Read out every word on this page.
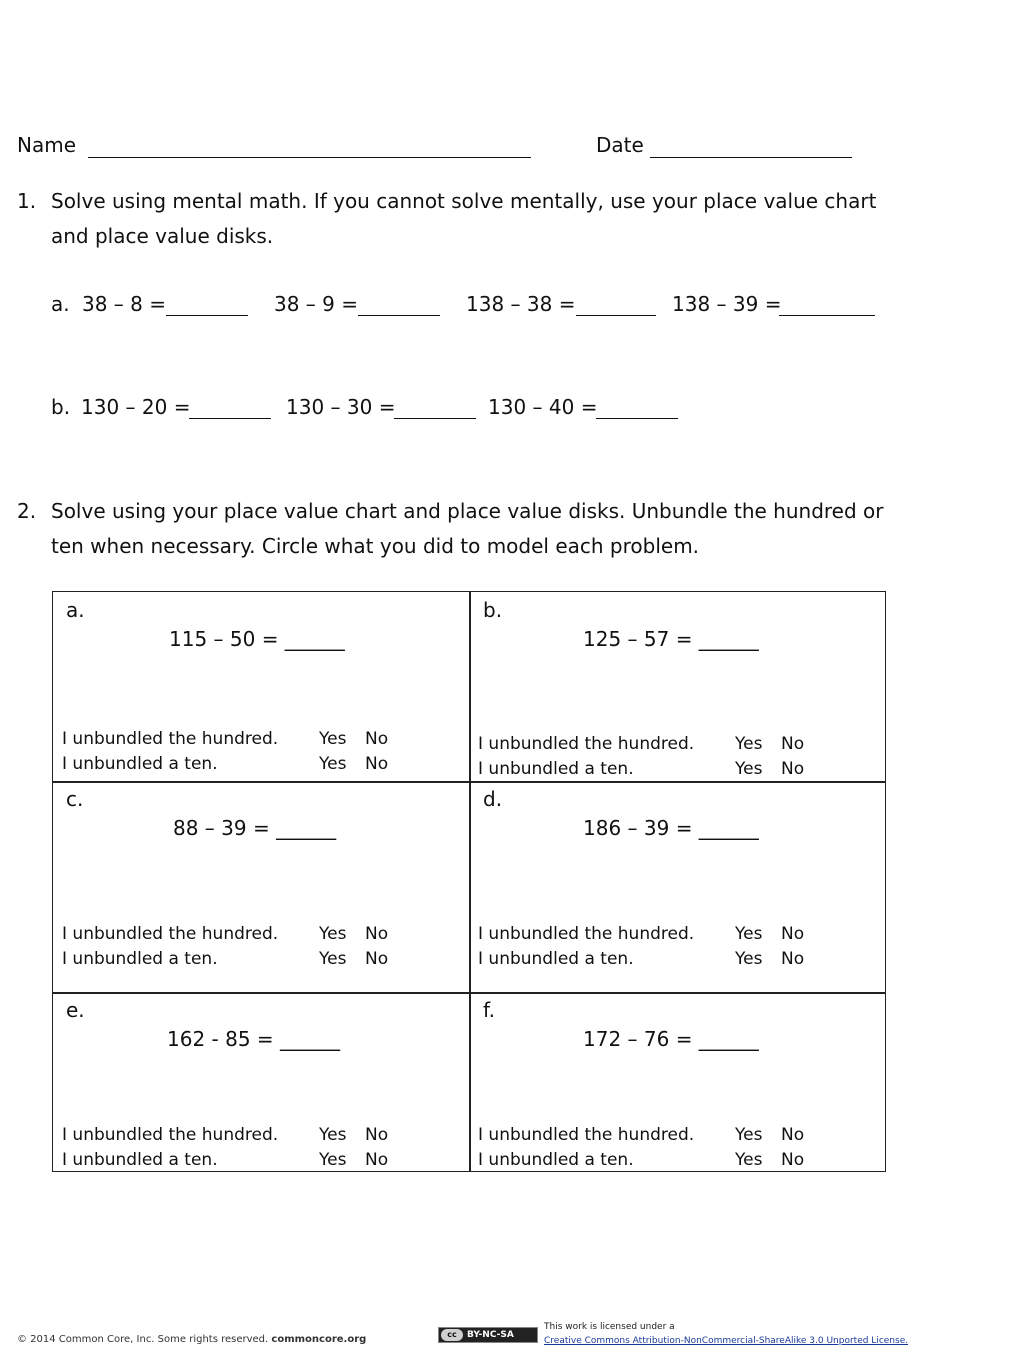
Name	Date
1. Solve using mental math. If you cannot solve mentally, use your place value chart
and place value disks.
a. 38 – 8 =	38 – 9 =	138 – 38 =	138 – 39 =
b. 130 – 20 =	130 – 30 =	130 – 40 =
2. Solve using your place value chart and place value disks. Unbundle the hundred or
ten when necessary. Circle what you did to model each problem.
a.
115 – 50 = ______
I unbundled the hundred.
I unbundled a ten.
Yes No
Yes No
b.
125 – 57 = ______
I unbundled the hundred.
I unbundled a ten.
Yes No
Yes No
c.
88 – 39 = ______
I unbundled the hundred.
I unbundled a ten.
Yes No
Yes No
d.
186 – 39 = ______
I unbundled the hundred.
I unbundled a ten.
Yes No
Yes No
e.
162 - 85 = ______
I unbundled the hundred.
I unbundled a ten.
Yes No
Yes No
f.
172 – 76 = ______
I unbundled the hundred.
I unbundled a ten.
Yes No
Yes No
© 2014 Common Core, Inc. Some rights reserved. commoncore.org	cc	BY-NC-SA
This work is licensed under a
Creative Commons Attribution-NonCommercial-ShareAlike 3.0 Unported License.
